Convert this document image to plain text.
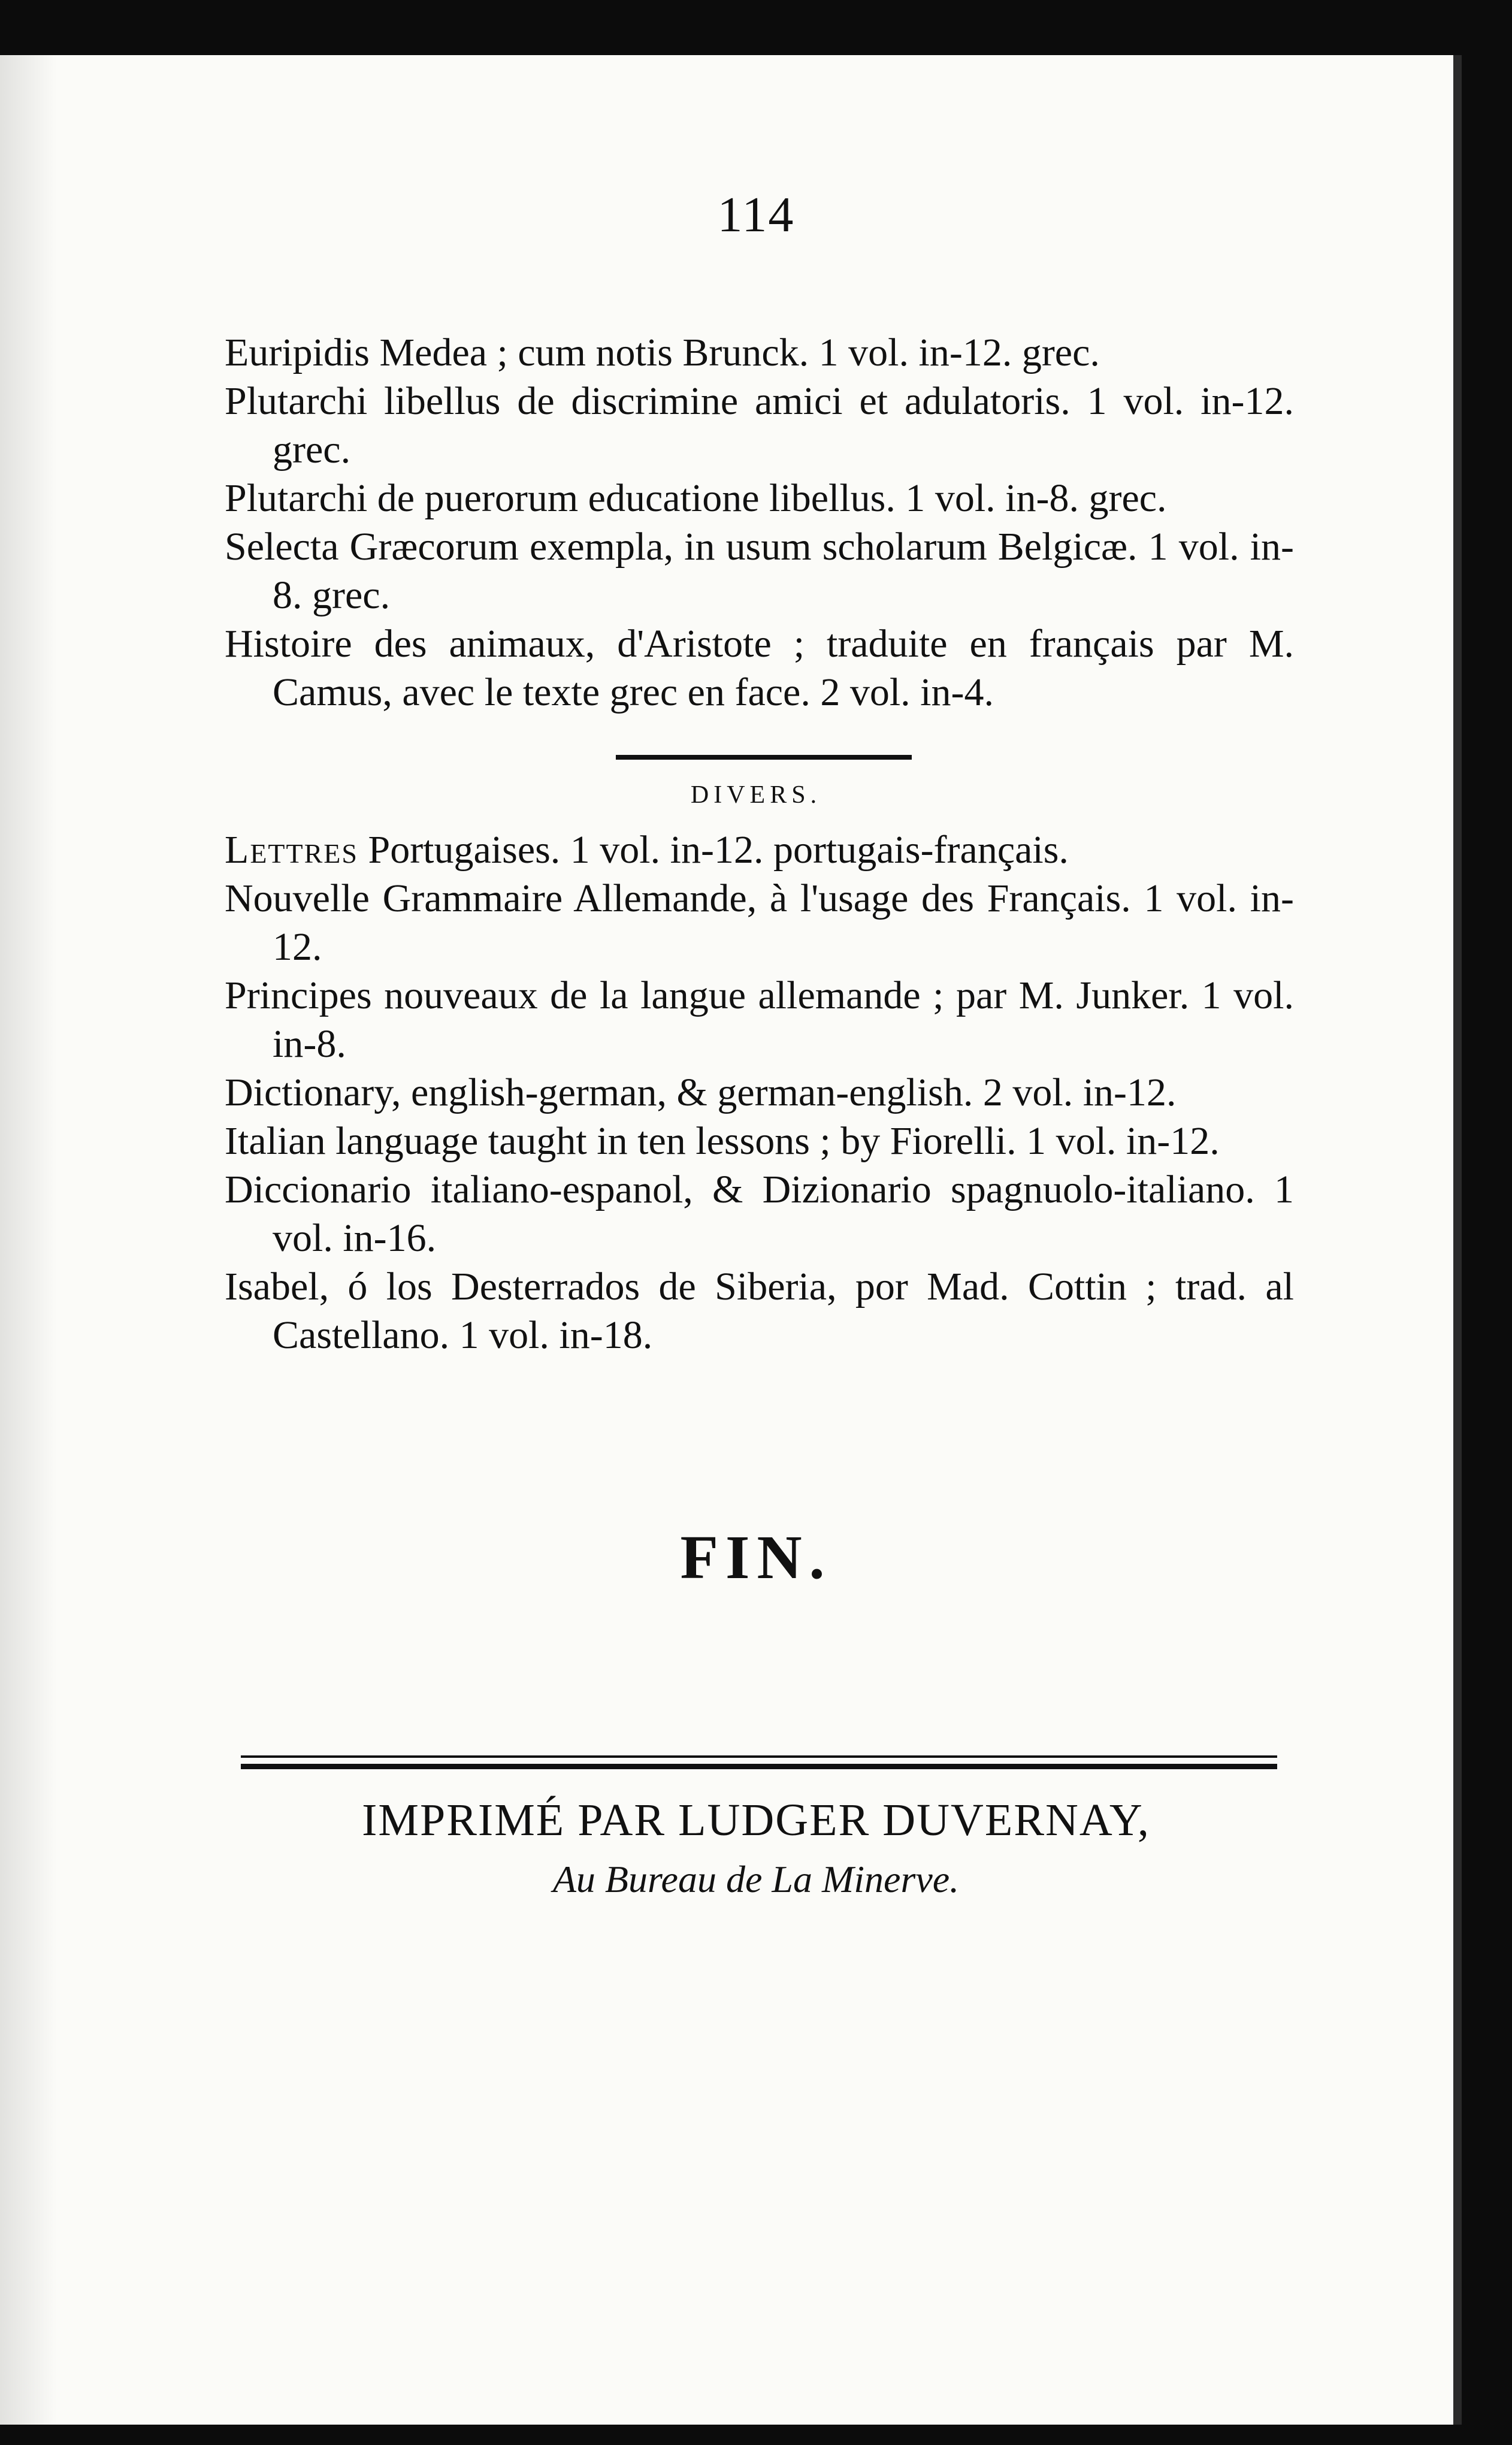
114

Euripidis Medea ; cum notis Brunck. 1 vol. in-12. grec.

Plutarchi libellus de discrimine amici et adulatoris. 1 vol. in-12. grec.

Plutarchi de puerorum educatione libellus. 1 vol. in-8. grec.

Selecta Græcorum exempla, in usum scholarum Belgicæ. 1 vol. in-8. grec.

Histoire des animaux, d'Aristote ; traduite en français par M. Camus, avec le texte grec en face. 2 vol. in-4.

DIVERS.

Lettres Portugaises. 1 vol. in-12. portugais-français.

Nouvelle Grammaire Allemande, à l'usage des Français. 1 vol. in-12.

Principes nouveaux de la langue allemande ; par M. Junker. 1 vol. in-8.

Dictionary, english-german, & german-english. 2 vol. in-12.

Italian language taught in ten lessons ; by Fiorelli. 1 vol. in-12.

Diccionario italiano-espanol, & Dizionario spagnuolo-italiano. 1 vol. in-16.

Isabel, ó los Desterrados de Siberia, por Mad. Cottin ; trad. al Castellano. 1 vol. in-18.

FIN.
IMPRIMÉ PAR LUDGER DUVERNAY,
Au Bureau de La Minerve.
